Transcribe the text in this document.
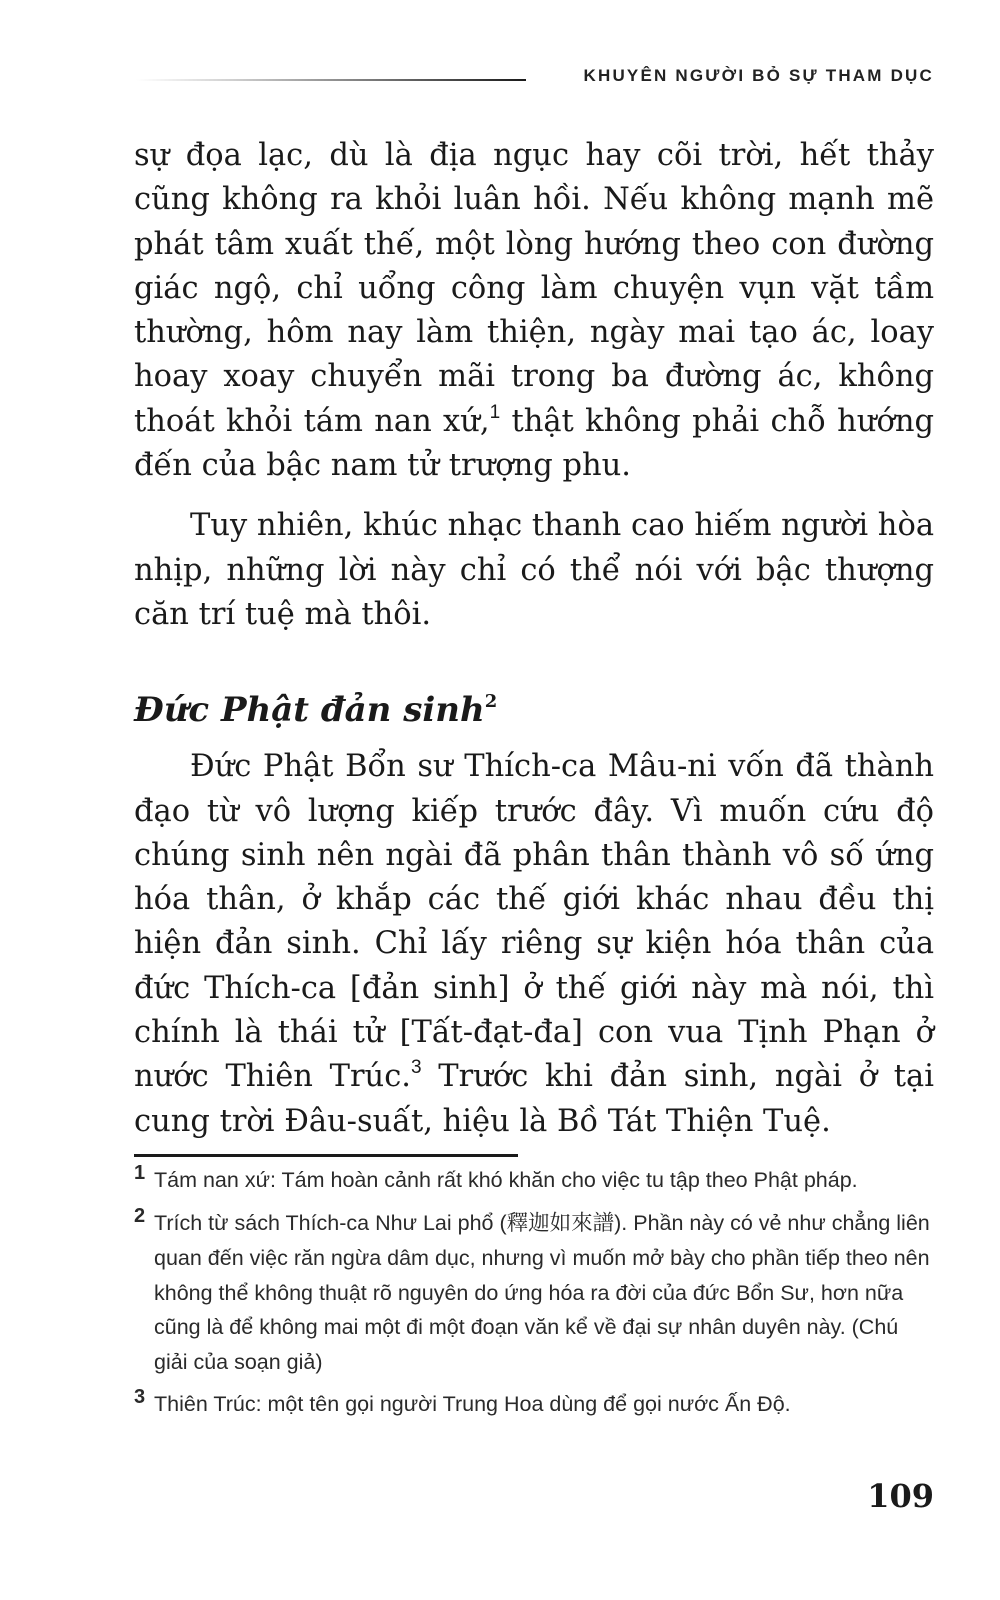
KHUYÊN NGƯỜI BỎ SỰ THAM DỤC

sự đọa lạc, dù là địa ngục hay cõi trời, hết thảy cũng không ra khỏi luân hồi. Nếu không mạnh mẽ phát tâm xuất thế, một lòng hướng theo con đường giác ngộ, chỉ uổng công làm chuyện vụn vặt tầm thường, hôm nay làm thiện, ngày mai tạo ác, loay hoay xoay chuyển mãi trong ba đường ác, không thoát khỏi tám nan xứ,$^1$ thật không phải chỗ hướng đến của bậc nam tử trượng phu.

Tuy nhiên, khúc nhạc thanh cao hiếm người hòa nhịp, những lời này chỉ có thể nói với bậc thượng căn trí tuệ mà thôi.

Đức Phật đản $\sinh^2$

Đức Phật Bổn sư Thích-ca Mâu-ni vốn đã thành đạo từ vô lượng kiếp trước đây. Vì muốn cứu độ chúng sinh nên ngài đã phân thân thành vô số ứng hóa thân, ở khắp các thế giới khác nhau đều thị hiện đản sinh. Chỉ lấy riêng sự kiện hóa thân của đức Thích-ca [đản sinh] ở thế giới này mà nói, thì chính là thái tử [Tất-đạt-đa] con vua Tịnh Phạn ở nước Thiên Trúc.$^3$ Trước khi đản sinh, ngài ở tại cung trời Đâu-suất, hiệu là Bồ Tát Thiện Tuệ.

1 Tám nan xứ: Tám hoàn cảnh rất khó khăn cho việc tu tập theo Phật pháp.
2 Trích từ sách Thích-ca Như Lai phổ (釋迦如來譜). Phần này có vẻ như chẳng liên quan đến việc răn ngừa dâm dục, nhưng vì muốn mở bày cho phần tiếp theo nên không thể không thuật rõ nguyên do ứng hóa ra đời của đức Bổn Sư, hơn nữa cũng là để không mai một đi một đoạn văn kể về đại sự nhân duyên này. (Chú giải của soạn giả)
3 Thiên Trúc: một tên gọi người Trung Hoa dùng để gọi nước Ấn Độ.
109
